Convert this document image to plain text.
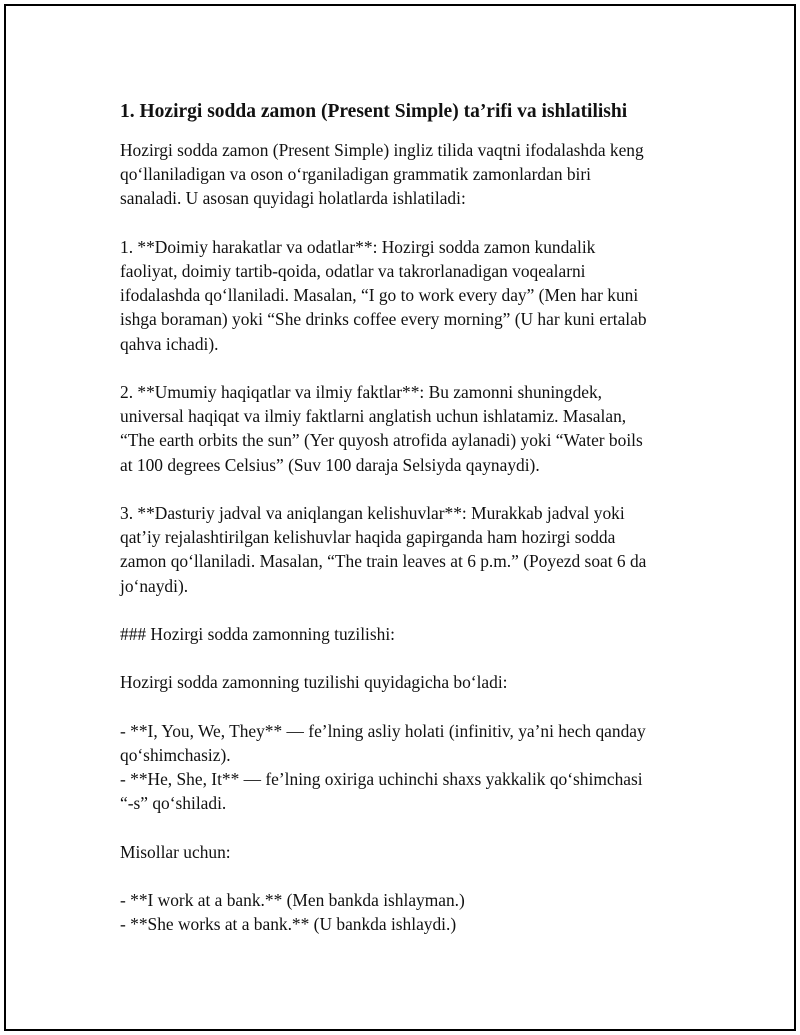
1. Hozirgi sodda zamon (Present Simple) ta’rifi va ishlatilishi
Hozirgi sodda zamon (Present Simple) ingliz tilida vaqtni ifodalashda keng
qo‘llaniladigan va oson o‘rganiladigan grammatik zamonlardan biri
sanaladi. U asosan quyidagi holatlarda ishlatiladi:
1. **Doimiy harakatlar va odatlar**: Hozirgi sodda zamon kundalik
faoliyat, doimiy tartib-qoida, odatlar va takrorlanadigan voqealarni
ifodalashda qo‘llaniladi. Masalan, “I go to work every day” (Men har kuni
ishga boraman) yoki “She drinks coffee every morning” (U har kuni ertalab
qahva ichadi).
2. **Umumiy haqiqatlar va ilmiy faktlar**: Bu zamonni shuningdek,
universal haqiqat va ilmiy faktlarni anglatish uchun ishlatamiz. Masalan,
“The earth orbits the sun” (Yer quyosh atrofida aylanadi) yoki “Water boils
at 100 degrees Celsius” (Suv 100 daraja Selsiyda qaynaydi).
3. **Dasturiy jadval va aniqlangan kelishuvlar**: Murakkab jadval yoki
qat’iy rejalashtirilgan kelishuvlar haqida gapirganda ham hozirgi sodda
zamon qo‘llaniladi. Masalan, “The train leaves at 6 p.m.” (Poyezd soat 6 da
jo‘naydi).
### Hozirgi sodda zamonning tuzilishi:
Hozirgi sodda zamonning tuzilishi quyidagicha bo‘ladi:
- **I, You, We, They** — fe’lning asliy holati (infinitiv, ya’ni hech qanday
qo‘shimchasiz).
- **He, She, It** — fe’lning oxiriga uchinchi shaxs yakkalik qo‘shimchasi
“-s” qo‘shiladi.
Misollar uchun:
- **I work at a bank.** (Men bankda ishlayman.)
- **She works at a bank.** (U bankda ishlaydi.)
